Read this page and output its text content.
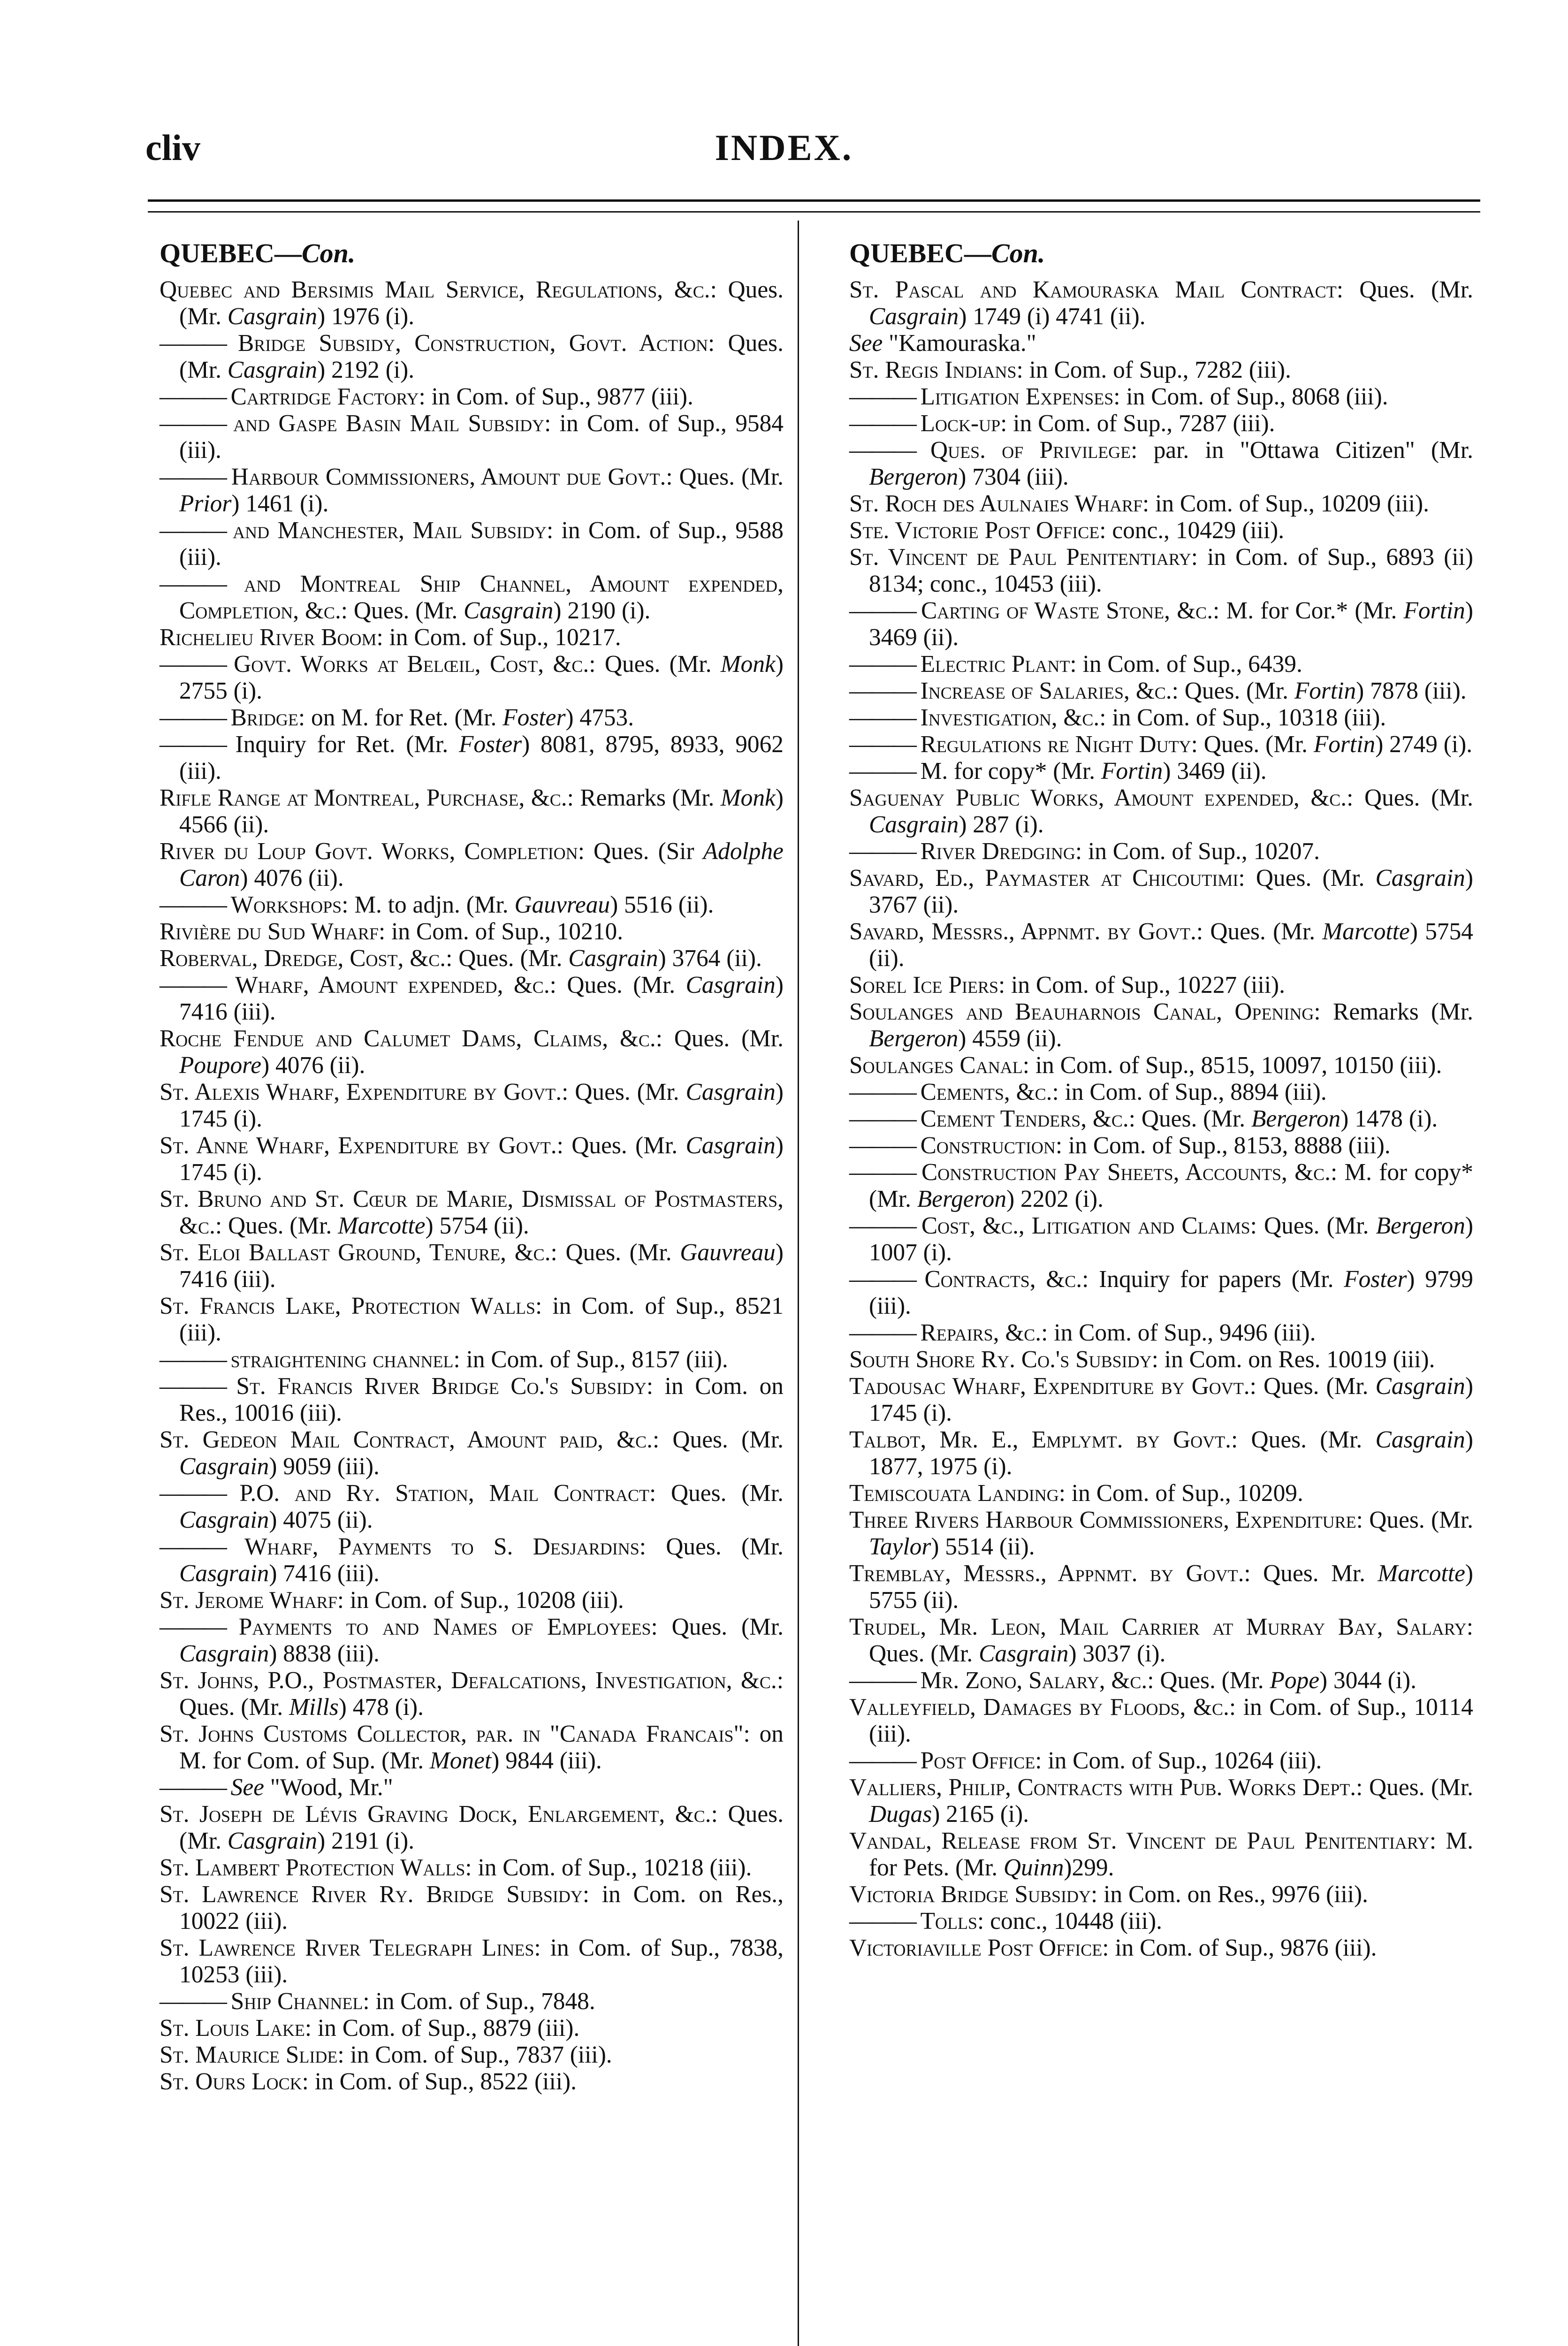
cliv	INDEX.
QUEBEC—Con.

Quebec and Bersimis Mail Service, Regulations, &c.: Ques. (Mr. Casgrain) 1976 (i).

——— Bridge Subsidy, Construction, Govt. Action: Ques. (Mr. Casgrain) 2192 (i).

——— Cartridge Factory: in Com. of Sup., 9877 (iii).

——— and Gaspe Basin Mail Subsidy: in Com. of Sup., 9584 (iii).

——— Harbour Commissioners, Amount due Govt.: Ques. (Mr. Prior) 1461 (i).

——— and Manchester, Mail Subsidy: in Com. of Sup., 9588 (iii).

——— and Montreal Ship Channel, Amount expended, Completion, &c.: Ques. (Mr. Casgrain) 2190 (i).

Richelieu River Boom: in Com. of Sup., 10217.

——— Govt. Works at Belœil, Cost, &c.: Ques. (Mr. Monk) 2755 (i).

——— Bridge: on M. for Ret. (Mr. Foster) 4753.

——— Inquiry for Ret. (Mr. Foster) 8081, 8795, 8933, 9062 (iii).

Rifle Range at Montreal, Purchase, &c.: Remarks (Mr. Monk) 4566 (ii).

River du Loup Govt. Works, Completion: Ques. (Sir Adolphe Caron) 4076 (ii).

——— Workshops: M. to adjn. (Mr. Gauvreau) 5516 (ii).

Rivière du Sud Wharf: in Com. of Sup., 10210.

Roberval, Dredge, Cost, &c.: Ques. (Mr. Casgrain) 3764 (ii).

——— Wharf, Amount expended, &c.: Ques. (Mr. Casgrain) 7416 (iii).

Roche Fendue and Calumet Dams, Claims, &c.: Ques. (Mr. Poupore) 4076 (ii).

St. Alexis Wharf, Expenditure by Govt.: Ques. (Mr. Casgrain) 1745 (i).

St. Anne Wharf, Expenditure by Govt.: Ques. (Mr. Casgrain) 1745 (i).

St. Bruno and St. Cœur de Marie, Dismissal of Postmasters, &c.: Ques. (Mr. Marcotte) 5754 (ii).

St. Eloi Ballast Ground, Tenure, &c.: Ques. (Mr. Gauvreau) 7416 (iii).

St. Francis Lake, Protection Walls: in Com. of Sup., 8521 (iii).

——— straightening channel: in Com. of Sup., 8157 (iii).

——— St. Francis River Bridge Co.'s Subsidy: in Com. on Res., 10016 (iii).

St. Gedeon Mail Contract, Amount paid, &c.: Ques. (Mr. Casgrain) 9059 (iii).

——— P.O. and Ry. Station, Mail Contract: Ques. (Mr. Casgrain) 4075 (ii).

——— Wharf, Payments to S. Desjardins: Ques. (Mr. Casgrain) 7416 (iii).

St. Jerome Wharf: in Com. of Sup., 10208 (iii).

——— Payments to and Names of Employees: Ques. (Mr. Casgrain) 8838 (iii).

St. Johns, P.O., Postmaster, Defalcations, Investigation, &c.: Ques. (Mr. Mills) 478 (i).

St. Johns Customs Collector, par. in "Canada Francais": on M. for Com. of Sup. (Mr. Monet) 9844 (iii).

——— See "Wood, Mr."

St. Joseph de Lévis Graving Dock, Enlargement, &c.: Ques. (Mr. Casgrain) 2191 (i).

St. Lambert Protection Walls: in Com. of Sup., 10218 (iii).

St. Lawrence River Ry. Bridge Subsidy: in Com. on Res., 10022 (iii).

St. Lawrence River Telegraph Lines: in Com. of Sup., 7838, 10253 (iii).

——— Ship Channel: in Com. of Sup., 7848.

St. Louis Lake: in Com. of Sup., 8879 (iii).

St. Maurice Slide: in Com. of Sup., 7837 (iii).

St. Ours Lock: in Com. of Sup., 8522 (iii).

QUEBEC—Con.

St. Pascal and Kamouraska Mail Contract: Ques. (Mr. Casgrain) 1749 (i) 4741 (ii).

See "Kamouraska."

St. Regis Indians: in Com. of Sup., 7282 (iii).

——— Litigation Expenses: in Com. of Sup., 8068 (iii).

——— Lock-up: in Com. of Sup., 7287 (iii).

——— Ques. of Privilege: par. in "Ottawa Citizen" (Mr. Bergeron) 7304 (iii).

St. Roch des Aulnaies Wharf: in Com. of Sup., 10209 (iii).

Ste. Victorie Post Office: conc., 10429 (iii).

St. Vincent de Paul Penitentiary: in Com. of Sup., 6893 (ii) 8134; conc., 10453 (iii).

——— Carting of Waste Stone, &c.: M. for Cor.* (Mr. Fortin) 3469 (ii).

——— Electric Plant: in Com. of Sup., 6439.

——— Increase of Salaries, &c.: Ques. (Mr. Fortin) 7878 (iii).

——— Investigation, &c.: in Com. of Sup., 10318 (iii).

——— Regulations re Night Duty: Ques. (Mr. Fortin) 2749 (i).

——— M. for copy* (Mr. Fortin) 3469 (ii).

Saguenay Public Works, Amount expended, &c.: Ques. (Mr. Casgrain) 287 (i).

——— River Dredging: in Com. of Sup., 10207.

Savard, Ed., Paymaster at Chicoutimi: Ques. (Mr. Casgrain) 3767 (ii).

Savard, Messrs., Appnmt. by Govt.: Ques. (Mr. Marcotte) 5754 (ii).

Sorel Ice Piers: in Com. of Sup., 10227 (iii).

Soulanges and Beauharnois Canal, Opening: Remarks (Mr. Bergeron) 4559 (ii).

Soulanges Canal: in Com. of Sup., 8515, 10097, 10150 (iii).

——— Cements, &c.: in Com. of Sup., 8894 (iii).

——— Cement Tenders, &c.: Ques. (Mr. Bergeron) 1478 (i).

——— Construction: in Com. of Sup., 8153, 8888 (iii).

——— Construction Pay Sheets, Accounts, &c.: M. for copy* (Mr. Bergeron) 2202 (i).

——— Cost, &c., Litigation and Claims: Ques. (Mr. Bergeron) 1007 (i).

——— Contracts, &c.: Inquiry for papers (Mr. Foster) 9799 (iii).

——— Repairs, &c.: in Com. of Sup., 9496 (iii).

South Shore Ry. Co.'s Subsidy: in Com. on Res. 10019 (iii).

Tadousac Wharf, Expenditure by Govt.: Ques. (Mr. Casgrain) 1745 (i).

Talbot, Mr. E., Emplymt. by Govt.: Ques. (Mr. Casgrain) 1877, 1975 (i).

Temiscouata Landing: in Com. of Sup., 10209.

Three Rivers Harbour Commissioners, Expenditure: Ques. (Mr. Taylor) 5514 (ii).

Tremblay, Messrs., Appnmt. by Govt.: Ques. Mr. Marcotte) 5755 (ii).

Trudel, Mr. Leon, Mail Carrier at Murray Bay, Salary: Ques. (Mr. Casgrain) 3037 (i).

——— Mr. Zono, Salary, &c.: Ques. (Mr. Pope) 3044 (i).

Valleyfield, Damages by Floods, &c.: in Com. of Sup., 10114 (iii).

——— Post Office: in Com. of Sup., 10264 (iii).

Valliers, Philip, Contracts with Pub. Works Dept.: Ques. (Mr. Dugas) 2165 (i).

Vandal, Release from St. Vincent de Paul Penitentiary: M. for Pets. (Mr. Quinn)299.

Victoria Bridge Subsidy: in Com. on Res., 9976 (iii).

——— Tolls: conc., 10448 (iii).

Victoriaville Post Office: in Com. of Sup., 9876 (iii).
